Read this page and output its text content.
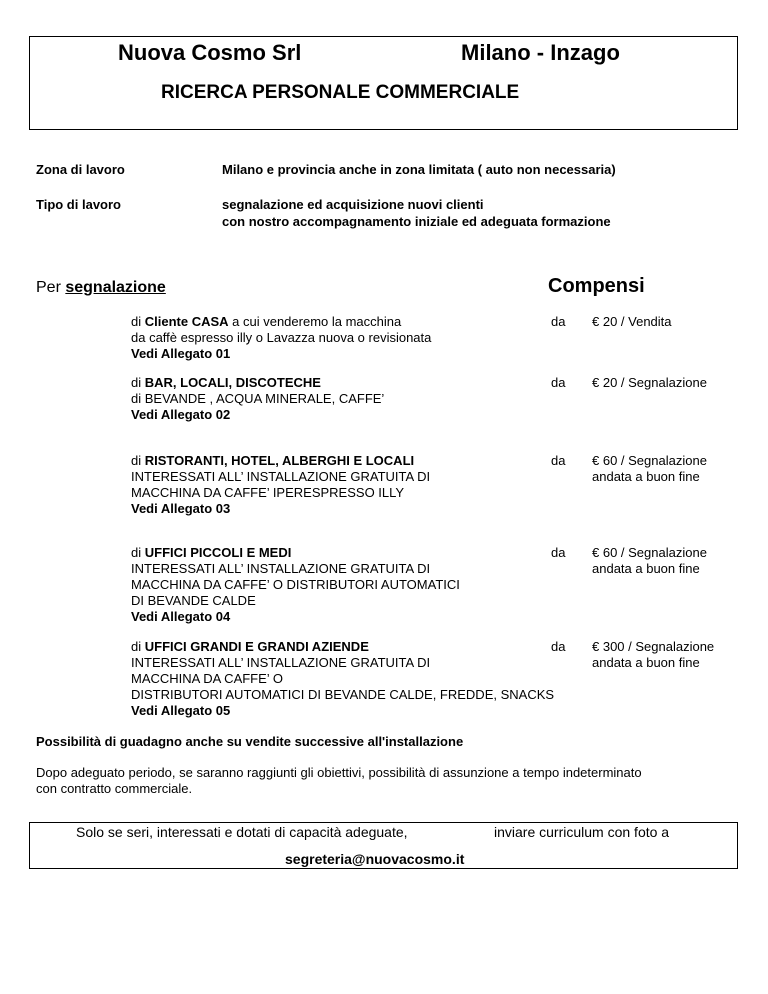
Nuova Cosmo Srl	Milano - Inzago
RICERCA PERSONALE COMMERCIALE
Zona di lavoro	Milano e provincia anche in zona limitata ( auto non necessaria)
Tipo di lavoro	segnalazione ed acquisizione nuovi clienti
con nostro accompagnamento iniziale ed adeguata formazione
Per segnalazione	Compensi
di Cliente CASA a cui venderemo la macchina
da caffè espresso illy o Lavazza nuova o revisionata
Vedi Allegato 01
da € 20 / Vendita
di BAR, LOCALI, DISCOTECHE
di BEVANDE , ACQUA MINERALE, CAFFE’
Vedi Allegato 02
da € 20 / Segnalazione
di RISTORANTI, HOTEL, ALBERGHI E LOCALI
INTERESSATI ALL’ INSTALLAZIONE GRATUITA DI
MACCHINA DA CAFFE’ IPERESPRESSO ILLY
Vedi Allegato 03
da € 60 / Segnalazione
andata a buon fine
di UFFICI PICCOLI E MEDI
INTERESSATI ALL’ INSTALLAZIONE GRATUITA DI
MACCHINA DA CAFFE’ O DISTRIBUTORI AUTOMATICI
DI BEVANDE CALDE
Vedi Allegato 04
da € 60 / Segnalazione
andata a buon fine
di UFFICI GRANDI E GRANDI AZIENDE
INTERESSATI ALL’ INSTALLAZIONE GRATUITA DI
MACCHINA DA CAFFE’ O
DISTRIBUTORI AUTOMATICI DI BEVANDE CALDE, FREDDE, SNACKS
Vedi Allegato 05
da € 300 / Segnalazione
andata a buon fine
Possibilità di guadagno anche su vendite successive all'installazione
Dopo adeguato periodo, se saranno raggiunti gli obiettivi, possibilità di assunzione a tempo indeterminato
con contratto commerciale.
Solo se seri, interessati e dotati di capacità adeguate,	inviare curriculum con foto a
segreteria@nuovacosmo.it
